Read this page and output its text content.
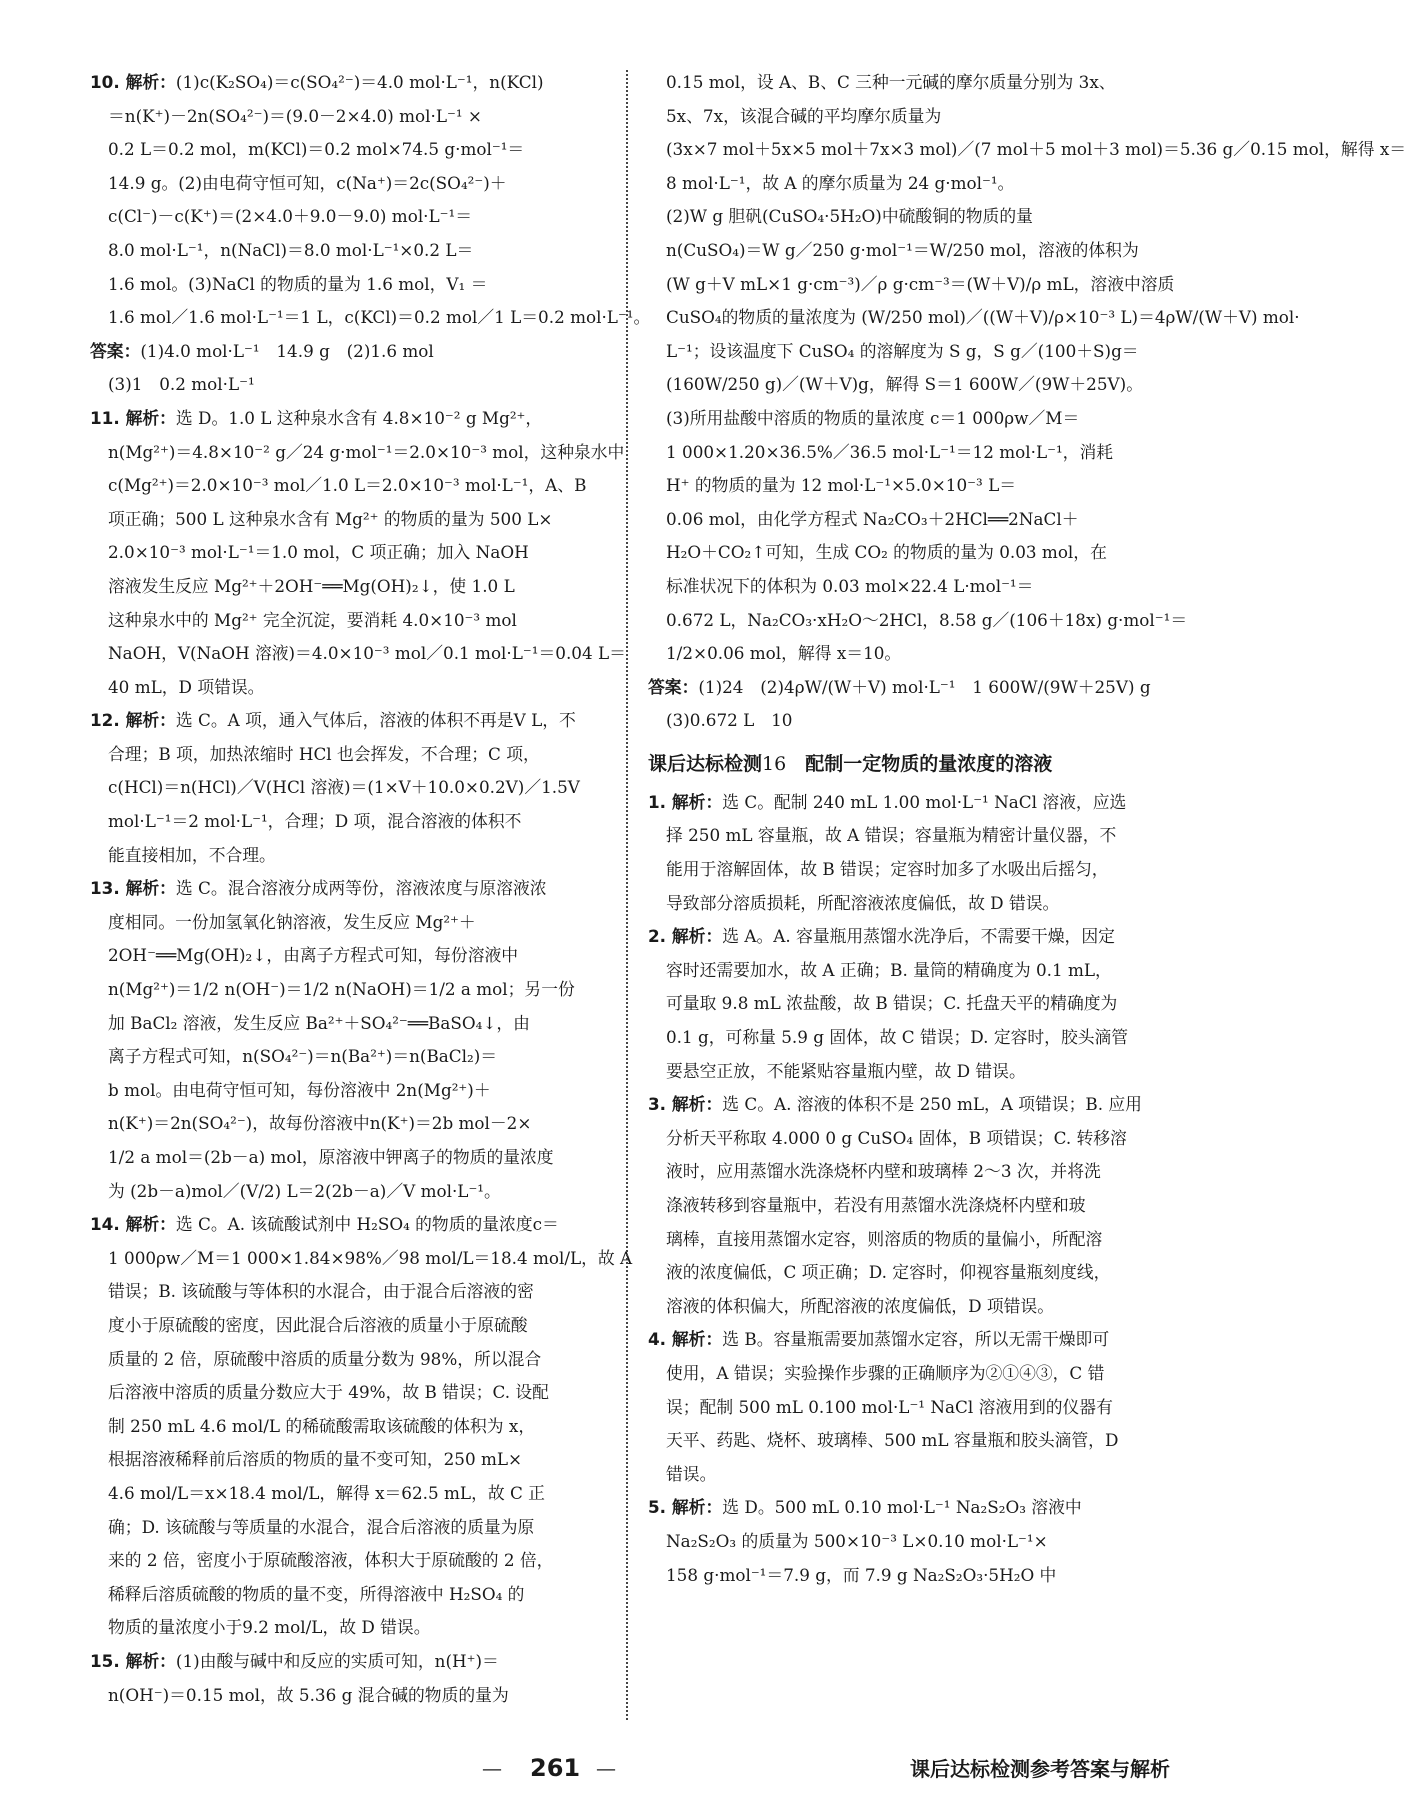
10. 解析：(1)c(K₂SO₄)＝c(SO₄²⁻)＝4.0 mol·L⁻¹，n(KCl)
＝n(K⁺)－2n(SO₄²⁻)＝(9.0－2×4.0) mol·L⁻¹ ×
0.2 L＝0.2 mol，m(KCl)＝0.2 mol×74.5 g·mol⁻¹＝
14.9 g。(2)由电荷守恒可知，c(Na⁺)＝2c(SO₄²⁻)＋
c(Cl⁻)－c(K⁺)＝(2×4.0＋9.0－9.0) mol·L⁻¹＝
8.0 mol·L⁻¹，n(NaCl)＝8.0 mol·L⁻¹×0.2 L＝
1.6 mol。(3)NaCl 的物质的量为 1.6 mol，V₁ ＝
1.6 mol／1.6 mol·L⁻¹＝1 L，c(KCl)＝0.2 mol／1 L＝0.2 mol·L⁻¹。
答案：(1)4.0 mol·L⁻¹　14.9 g　(2)1.6 mol
(3)1　0.2 mol·L⁻¹
11. 解析：选 D。1.0 L 这种泉水含有 4.8×10⁻² g Mg²⁺，
n(Mg²⁺)＝4.8×10⁻² g／24 g·mol⁻¹＝2.0×10⁻³ mol，这种泉水中
c(Mg²⁺)＝2.0×10⁻³ mol／1.0 L＝2.0×10⁻³ mol·L⁻¹，A、B
项正确；500 L 这种泉水含有 Mg²⁺ 的物质的量为 500 L×
2.0×10⁻³ mol·L⁻¹＝1.0 mol，C 项正确；加入 NaOH
溶液发生反应 Mg²⁺＋2OH⁻══Mg(OH)₂↓，使 1.0 L
这种泉水中的 Mg²⁺ 完全沉淀，要消耗 4.0×10⁻³ mol
NaOH，V(NaOH 溶液)＝4.0×10⁻³ mol／0.1 mol·L⁻¹＝0.04 L＝
40 mL，D 项错误。
12. 解析：选 C。A 项，通入气体后，溶液的体积不再是V L，不
合理；B 项，加热浓缩时 HCl 也会挥发，不合理；C 项，
c(HCl)＝n(HCl)／V(HCl 溶液)＝(1×V＋10.0×0.2V)／1.5V
mol·L⁻¹＝2 mol·L⁻¹，合理；D 项，混合溶液的体积不
能直接相加，不合理。
13. 解析：选 C。混合溶液分成两等份，溶液浓度与原溶液浓
度相同。一份加氢氧化钠溶液，发生反应 Mg²⁺＋
2OH⁻══Mg(OH)₂↓，由离子方程式可知，每份溶液中
n(Mg²⁺)＝1/2 n(OH⁻)＝1/2 n(NaOH)＝1/2 a mol；另一份
加 BaCl₂ 溶液，发生反应 Ba²⁺＋SO₄²⁻══BaSO₄↓，由
离子方程式可知，n(SO₄²⁻)＝n(Ba²⁺)＝n(BaCl₂)＝
b mol。由电荷守恒可知，每份溶液中 2n(Mg²⁺)＋
n(K⁺)＝2n(SO₄²⁻)，故每份溶液中n(K⁺)＝2b mol－2×
1/2 a mol＝(2b－a) mol，原溶液中钾离子的物质的量浓度
为 (2b－a)mol／(V/2) L＝2(2b－a)／V mol·L⁻¹。
14. 解析：选 C。A. 该硫酸试剂中 H₂SO₄ 的物质的量浓度c＝
1 000ρw／M＝1 000×1.84×98%／98 mol/L＝18.4 mol/L，故 A
错误；B. 该硫酸与等体积的水混合，由于混合后溶液的密
度小于原硫酸的密度，因此混合后溶液的质量小于原硫酸
质量的 2 倍，原硫酸中溶质的质量分数为 98%，所以混合
后溶液中溶质的质量分数应大于 49%，故 B 错误；C. 设配
制 250 mL 4.6 mol/L 的稀硫酸需取该硫酸的体积为 x，
根据溶液稀释前后溶质的物质的量不变可知，250 mL×
4.6 mol/L＝x×18.4 mol/L，解得 x＝62.5 mL，故 C 正
确；D. 该硫酸与等质量的水混合，混合后溶液的质量为原
来的 2 倍，密度小于原硫酸溶液，体积大于原硫酸的 2 倍，
稀释后溶质硫酸的物质的量不变，所得溶液中 H₂SO₄ 的
物质的量浓度小于9.2 mol/L，故 D 错误。
15. 解析：(1)由酸与碱中和反应的实质可知，n(H⁺)＝
n(OH⁻)＝0.15 mol，故 5.36 g 混合碱的物质的量为
0.15 mol，设 A、B、C 三种一元碱的摩尔质量分别为 3x、
5x、7x，该混合碱的平均摩尔质量为
(3x×7 mol＋5x×5 mol＋7x×3 mol)／(7 mol＋5 mol＋3 mol)＝5.36 g／0.15 mol，解得 x＝
8 mol·L⁻¹，故 A 的摩尔质量为 24 g·mol⁻¹。
(2)W g 胆矾(CuSO₄·5H₂O)中硫酸铜的物质的量
n(CuSO₄)＝W g／250 g·mol⁻¹＝W/250 mol，溶液的体积为
(W g＋V mL×1 g·cm⁻³)／ρ g·cm⁻³＝(W＋V)/ρ mL，溶液中溶质
CuSO₄的物质的量浓度为 (W/250 mol)／((W＋V)/ρ×10⁻³ L)＝4ρW/(W＋V) mol·
L⁻¹；设该温度下 CuSO₄ 的溶解度为 S g，S g／(100＋S)g＝
(160W/250 g)／(W＋V)g，解得 S＝1 600W／(9W＋25V)。
(3)所用盐酸中溶质的物质的量浓度 c＝1 000ρw／M＝
1 000×1.20×36.5%／36.5 mol·L⁻¹＝12 mol·L⁻¹，消耗
H⁺ 的物质的量为 12 mol·L⁻¹×5.0×10⁻³ L＝
0.06 mol，由化学方程式 Na₂CO₃＋2HCl══2NaCl＋
H₂O＋CO₂↑可知，生成 CO₂ 的物质的量为 0.03 mol，在
标准状况下的体积为 0.03 mol×22.4 L·mol⁻¹＝
0.672 L，Na₂CO₃·xH₂O～2HCl，8.58 g／(106＋18x) g·mol⁻¹＝
1/2×0.06 mol，解得 x＝10。
答案：(1)24　(2)4ρW/(W＋V) mol·L⁻¹　1 600W/(9W＋25V) g
(3)0.672 L　10
课后达标检测16　 配制一定物质的量浓度的溶液
1. 解析：选 C。配制 240 mL 1.00 mol·L⁻¹ NaCl 溶液，应选
择 250 mL 容量瓶，故 A 错误；容量瓶为精密计量仪器，不
能用于溶解固体，故 B 错误；定容时加多了水吸出后摇匀，
导致部分溶质损耗，所配溶液浓度偏低，故 D 错误。
2. 解析：选 A。A. 容量瓶用蒸馏水洗净后，不需要干燥，因定
容时还需要加水，故 A 正确；B. 量筒的精确度为 0.1 mL，
可量取 9.8 mL 浓盐酸，故 B 错误；C. 托盘天平的精确度为
0.1 g，可称量 5.9 g 固体，故 C 错误；D. 定容时，胶头滴管
要悬空正放，不能紧贴容量瓶内壁，故 D 错误。
3. 解析：选 C。A. 溶液的体积不是 250 mL，A 项错误；B. 应用
分析天平称取 4.000 0 g CuSO₄ 固体，B 项错误；C. 转移溶
液时，应用蒸馏水洗涤烧杯内壁和玻璃棒 2～3 次，并将洗
涤液转移到容量瓶中，若没有用蒸馏水洗涤烧杯内壁和玻
璃棒，直接用蒸馏水定容，则溶质的物质的量偏小，所配溶
液的浓度偏低，C 项正确；D. 定容时，仰视容量瓶刻度线，
溶液的体积偏大，所配溶液的浓度偏低，D 项错误。
4. 解析：选 B。容量瓶需要加蒸馏水定容，所以无需干燥即可
使用，A 错误；实验操作步骤的正确顺序为②①④③，C 错
误；配制 500 mL 0.100 mol·L⁻¹ NaCl 溶液用到的仪器有
天平、药匙、烧杯、玻璃棒、500 mL 容量瓶和胶头滴管，D
错误。
5. 解析：选 D。500 mL 0.10 mol·L⁻¹ Na₂S₂O₃ 溶液中
Na₂S₂O₃ 的质量为 500×10⁻³ L×0.10 mol·L⁻¹×
158 g·mol⁻¹＝7.9 g，而 7.9 g Na₂S₂O₃·5H₂O 中
— 261 —	课后达标检测参考答案与解析
